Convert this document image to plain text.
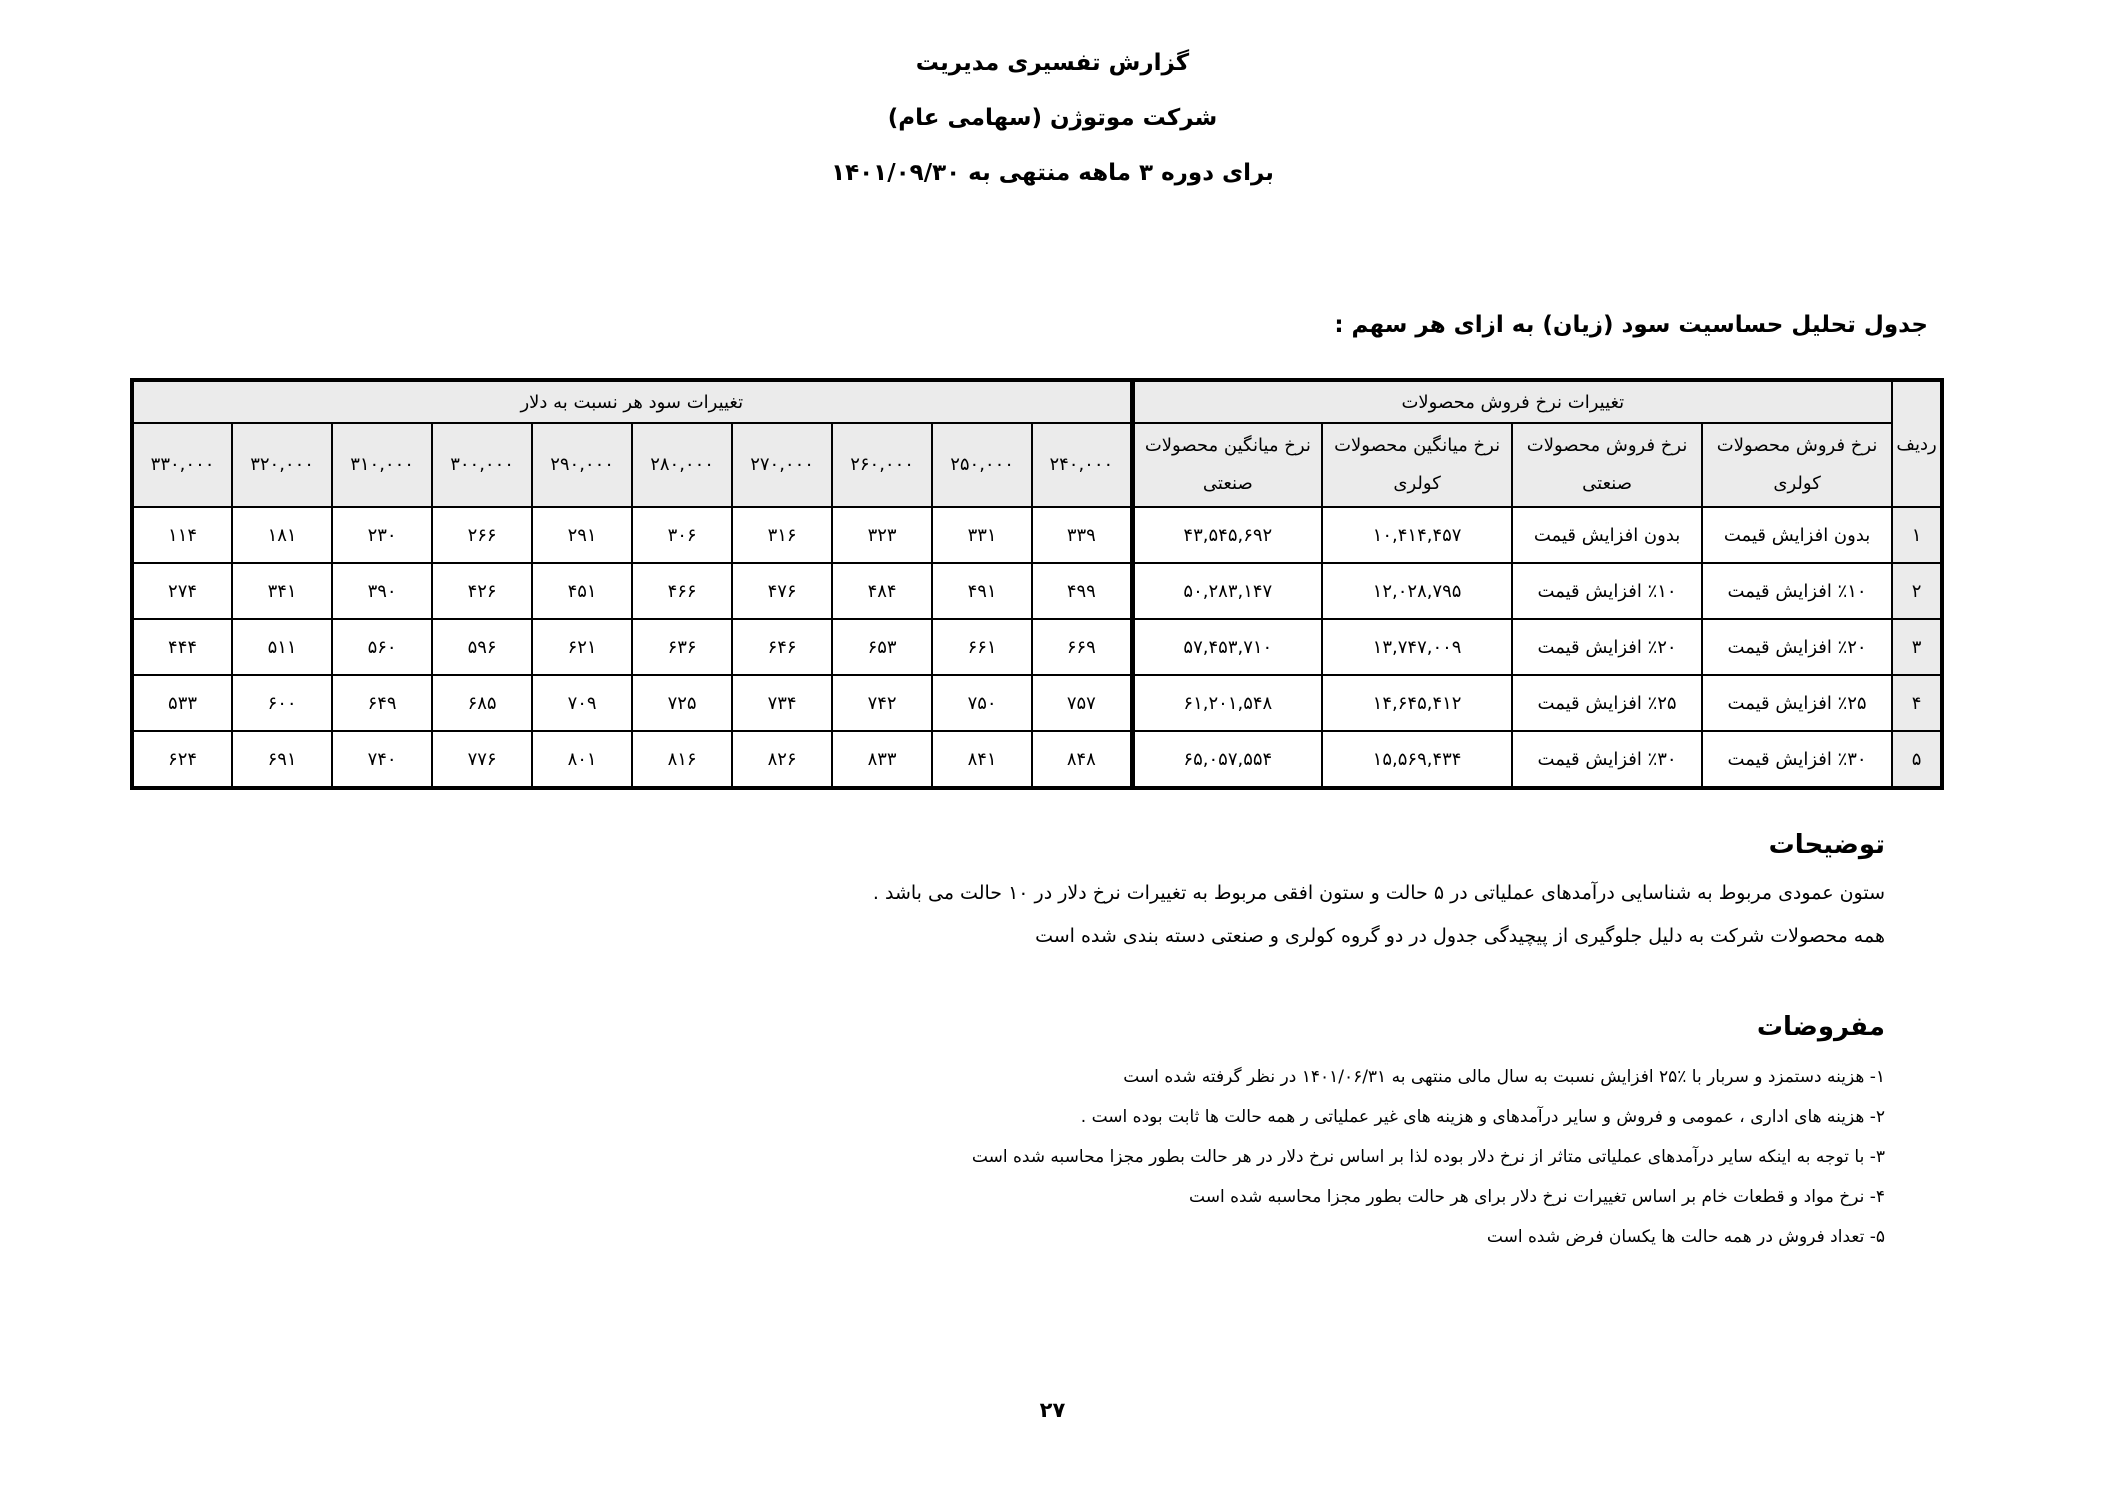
گزارش تفسیری مدیریت
شرکت موتوژن (سهامی عام)
برای دوره ۳ ماهه منتهی به ۱۴۰۱/۰۹/۳۰
جدول تحلیل حساسیت سود (زیان) به ازای هر سهم :
ردیف	تغییرات نرخ فروش محصولات				تغییرات سود هر نسبت به دلار									
	نرخ فروش محصولات کولری	نرخ فروش محصولات صنعتی	نرخ میانگین محصولات کولری	نرخ میانگین محصولات صنعتی	۲۴۰,۰۰۰	۲۵۰,۰۰۰	۲۶۰,۰۰۰	۲۷۰,۰۰۰	۲۸۰,۰۰۰	۲۹۰,۰۰۰	۳۰۰,۰۰۰	۳۱۰,۰۰۰	۳۲۰,۰۰۰	۳۳۰,۰۰۰
۱	بدون افزایش قیمت	بدون افزایش قیمت	۱۰,۴۱۴,۴۵۷	۴۳,۵۴۵,۶۹۲	۳۳۹	۳۳۱	۳۲۳	۳۱۶	۳۰۶	۲۹۱	۲۶۶	۲۳۰	۱۸۱	۱۱۴
۲	٪۱۰ افزایش قیمت	٪۱۰ افزایش قیمت	۱۲,۰۲۸,۷۹۵	۵۰,۲۸۳,۱۴۷	۴۹۹	۴۹۱	۴۸۴	۴۷۶	۴۶۶	۴۵۱	۴۲۶	۳۹۰	۳۴۱	۲۷۴
۳	٪۲۰ افزایش قیمت	٪۲۰ افزایش قیمت	۱۳,۷۴۷,۰۰۹	۵۷,۴۵۳,۷۱۰	۶۶۹	۶۶۱	۶۵۳	۶۴۶	۶۳۶	۶۲۱	۵۹۶	۵۶۰	۵۱۱	۴۴۴
۴	٪۲۵ افزایش قیمت	٪۲۵ افزایش قیمت	۱۴,۶۴۵,۴۱۲	۶۱,۲۰۱,۵۴۸	۷۵۷	۷۵۰	۷۴۲	۷۳۴	۷۲۵	۷۰۹	۶۸۵	۶۴۹	۶۰۰	۵۳۳
۵	٪۳۰ افزایش قیمت	٪۳۰ افزایش قیمت	۱۵,۵۶۹,۴۳۴	۶۵,۰۵۷,۵۵۴	۸۴۸	۸۴۱	۸۳۳	۸۲۶	۸۱۶	۸۰۱	۷۷۶	۷۴۰	۶۹۱	۶۲۴
توضیحات
ستون عمودی مربوط به شناسایی درآمدهای عملیاتی در ۵ حالت و ستون افقی مربوط به تغییرات نرخ دلار در ۱۰ حالت می باشد .
همه محصولات شرکت به دلیل جلوگیری از پیچیدگی جدول در دو گروه کولری و صنعتی دسته بندی شده است
مفروضات
۱- هزینه دستمزد و سربار با ٪۲۵ افزایش نسبت به سال مالی منتهی به ۱۴۰۱/۰۶/۳۱ در نظر گرفته شده است
۲- هزینه های اداری ، عمومی و فروش و سایر درآمدهای و هزینه های غیر عملیاتی ر همه حالت ها ثابت بوده است .
۳- با توجه به اینکه سایر درآمدهای عملیاتی متاثر از نرخ دلار بوده لذا بر اساس نرخ دلار در هر حالت بطور مجزا محاسبه شده است
۴- نرخ مواد و قطعات خام بر اساس تغییرات نرخ دلار برای هر حالت بطور مجزا محاسبه شده است
۵- تعداد فروش در همه حالت ها یکسان فرض شده است
۲۷
